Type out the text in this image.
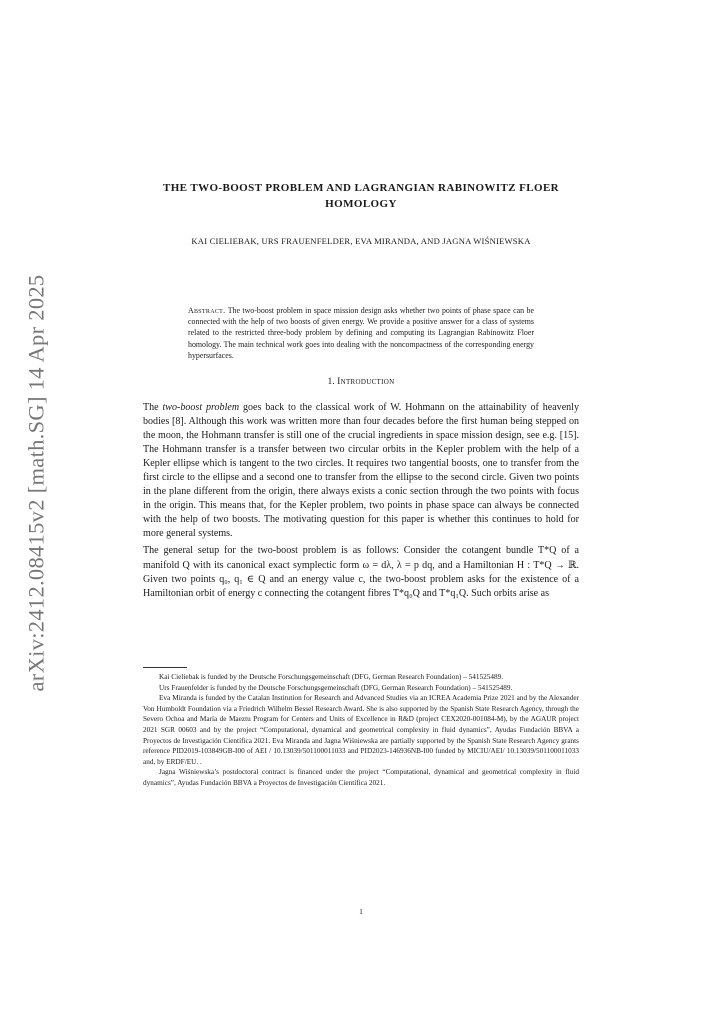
arXiv:2412.08415v2 [math.SG] 14 Apr 2025
THE TWO-BOOST PROBLEM AND LAGRANGIAN RABINOWITZ FLOER HOMOLOGY
KAI CIELIEBAK, URS FRAUENFELDER, EVA MIRANDA, AND JAGNA WIŚNIEWSKA

Abstract. The two-boost problem in space mission design asks whether two points of phase space can be connected with the help of two boosts of given energy. We provide a positive answer for a class of systems related to the restricted three-body problem by defining and computing its Lagrangian Rabinowitz Floer homology. The main technical work goes into dealing with the noncompactness of the corresponding energy hypersurfaces.

1. Introduction

The two-boost problem goes back to the classical work of W. Hohmann on the attainability of heavenly bodies [8]. Although this work was written more than four decades before the first human being stepped on the moon, the Hohmann transfer is still one of the crucial ingredients in space mission design, see e.g. [15]. The Hohmann transfer is a transfer between two circular orbits in the Kepler problem with the help of a Kepler ellipse which is tangent to the two circles. It requires two tangential boosts, one to transfer from the first circle to the ellipse and a second one to transfer from the ellipse to the second circle. Given two points in the plane different from the origin, there always exists a conic section through the two points with focus in the origin. This means that, for the Kepler problem, two points in phase space can always be connected with the help of two boosts. The motivating question for this paper is whether this continues to hold for more general systems.

The general setup for the two-boost problem is as follows: Consider the cotangent bundle T*Q of a manifold Q with its canonical exact symplectic form ω = dλ, λ = p dq, and a Hamiltonian H : T*Q → ℝ. Given two points q₀, q₁ ∈ Q and an energy value c, the two-boost problem asks for the existence of a Hamiltonian orbit of energy c connecting the cotangent fibres T*q₀Q and T*q₁Q. Such orbits arise as

Kai Cieliebak is funded by the Deutsche Forschungsgemeinschaft (DFG, German Research Foundation) – 541525489.

Urs Frauenfelder is funded by the Deutsche Forschungsgemeinschaft (DFG, German Research Foundation) – 541525489.

Eva Miranda is funded by the Catalan Institution for Research and Advanced Studies via an ICREA Academia Prize 2021 and by the Alexander Von Humboldt Foundation via a Friedrich Wilhelm Bessel Research Award. She is also supported by the Spanish State Research Agency, through the Severo Ochoa and María de Maeztu Program for Centers and Units of Excellence in R&D (project CEX2020-001084-M), by the AGAUR project 2021 SGR 00603 and by the project “Computational, dynamical and geometrical complexity in fluid dynamics”, Ayudas Fundación BBVA a Proyectos de Investigación Científica 2021. Eva Miranda and Jagna Wiśniewska are partially supported by the Spanish State Research Agency grants reference PID2019-103849GB-I00 of AEI / 10.13039/501100011033 and PID2023-146936NB-I00 funded by MICIU/AEI/ 10.13039/501100011033 and, by ERDF/EU. .

Jagna Wiśniewska’s postdoctoral contract is financed under the project “Computational, dynamical and geometrical complexity in fluid dynamics”, Ayudas Fundación BBVA a Proyectos de Investigación Científica 2021.

1
